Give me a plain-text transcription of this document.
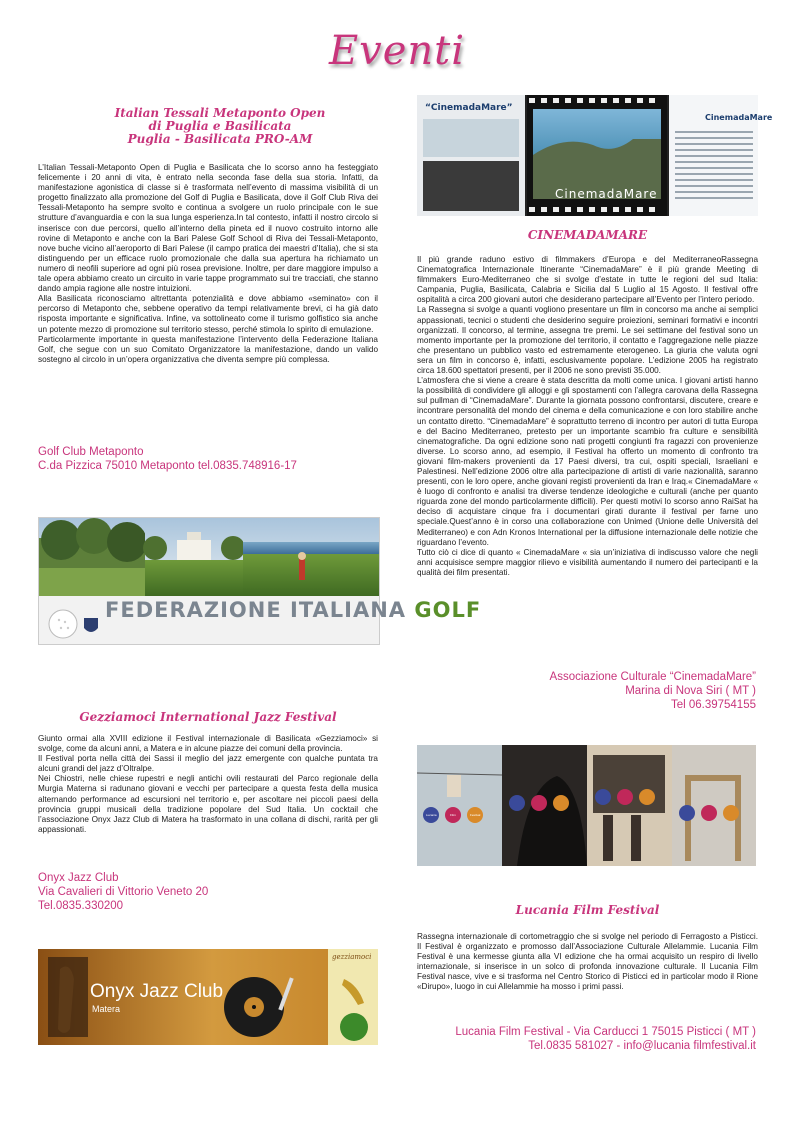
Eventi
Italian Tessali Metaponto Open
di Puglia e Basilicata
Puglia - Basilicata PRO-AM

L’Italian Tessali-Metaponto Open di Puglia e Basilicata che lo scorso anno ha festeggiato felicemente i 20 anni di vita, è entrato nella seconda fase della sua storia. Infatti, da manifestazione agonistica di classe si è trasformata nell’evento di massima visibilità di un progetto finalizzato alla promozione del Golf di Puglia e Basilicata, dove il Golf Club Riva dei Tessali-Metaponto ha sempre svolto e continua a svolgere un ruolo principale con le sue strutture d’avanguardia e con la sua lunga esperienza.In tal contesto, infatti il nostro circolo si inserisce con due percorsi, quello all’interno della pineta ed il nuovo costruito intorno alle rovine di Metaponto e anche con la Bari Palese Golf School di Riva dei Tessali-Metaponto, nove buche vicino all’aeroporto di Bari Palese (il campo pratica dei maestri d’Italia), che si sta distinguendo per un efficace ruolo promozionale che dalla sua apertura ha richiamato un numero di neofili superiore ad ogni più rosea previsione. Inoltre, per dare maggiore impulso a tale opera abbiamo creato un circuito in varie tappe programmato sui tre tracciati, che stanno dando ampia ragione alle nostre intuizioni.

Alla Basilicata riconosciamo altrettanta potenzialità e dove abbiamo «seminato» con il percorso di Metaponto che, sebbene operativo da tempi relativamente brevi, ci ha già dato risposta importante e significativa. Infine, va sottolineato come il turismo golfistico sia anche un potente mezzo di promozione sul territorio stesso, perché stimola lo spirito di emulazione.

Particolarmente importante in questa manifestazione l’intervento della Federazione Italiana Golf, che segue con un suo Comitato Organizzatore la manifestazione, dando un valido sostegno al circolo in un’opera organizzativa che diventa sempre più complessa.

Golf Club Metaponto
C.da Pizzica 75010 Metaponto tel.0835.748916-17
FEDERAZIONE ITALIANA GOLF
Gezziamoci International Jazz Festival

Giunto ormai alla XVIII edizione il Festival internazionale di Basilicata «Gezziamoci» si svolge, come da alcuni anni, a Matera e in alcune piazze dei comuni della provincia.

Il Festival porta nella città dei Sassi il meglio del jazz emergente con qualche puntata tra alcuni grandi del jazz d’Oltralpe.

Nei Chiostri, nelle chiese rupestri e negli antichi ovili restaurati del Parco regionale della Murgia Materna si radunano giovani e vecchi per partecipare a questa festa della musica alternando performance ad escursioni nel territorio e, per ascoltare nei piccoli paesi della provincia gruppi musicali della tradizione popolare del Sud Italia. Un cocktail che l’associazione Onyx Jazz Club di Matera ha trasformato in una collana di dischi, rarità per gli appassionati.

Onyx Jazz Club
Via Cavalieri di Vittorio Veneto 20
Tel.0835.330200
Onyx Jazz Club
Matera
gezziamoci
“CinemadaMare”
CinemadaMare
CinemadaMare
CINEMADAMARE

Il più grande raduno estivo di filmmakers d’Europa e del MediterraneoRassegna Cinematografica Internazionale Itinerante “CinemadaMare” è il più grande Meeting di filmmakers Euro-Mediterraneo che si svolge d’estate in tutte le regioni del sud Italia: Campania, Puglia, Basilicata, Calabria e Sicilia dal 5 Luglio al 15 Agosto. Il festival offre ospitalità a circa 200 giovani autori che desiderano partecipare all’Evento per l’intero periodo.

La Rassegna si svolge a quanti vogliono presentare un film in concorso ma anche ai semplici appassionati, tecnici o studenti che desiderino seguire proiezioni, seminari formativi e incontri organizzati. Il concorso, al termine, assegna tre premi. Le sei settimane del festival sono un momento importante per la promozione del territorio, il contatto e l’aggregazione nelle piazze che presentano un pubblico vasto ed estremamente eterogeneo. La giuria che valuta ogni sera un film in concorso è, infatti, esclusivamente popolare. L’edizione 2005 ha registrato circa 18.600 spettatori presenti, per il 2006 ne sono previsti 35.000.

L’atmosfera che si viene a creare è stata descritta da molti come unica. I giovani artisti hanno la possibilità di condividere gli alloggi e gli spostamenti con l’allegra carovana della Rassegna sul pullman di “CinemadaMare”. Durante la giornata possono confrontarsi, discutere, creare e incontrare personalità del mondo del cinema e della comunicazione e con loro stabilire anche un contatto diretto. “CinemadaMare” è soprattutto terreno di incontro per autori di tutta Europa e del Bacino Mediterraneo, pretesto per un importante scambio fra culture e sensibilità cinematografiche. Da ogni edizione sono nati progetti congiunti fra ragazzi con provenienze diverse. Lo scorso anno, ad esempio, il Festival ha offerto un momento di confronto tra giovani film-makers provenienti da 17 Paesi diversi, tra cui, ospiti speciali, Israeliani e Palestinesi. Nell’edizione 2006 oltre alla partecipazione di artisti di varie nazionalità, saranno presenti, con le loro opere, anche giovani registi provenienti da Iran e Iraq.« CinemadaMare « è luogo di confronto e analisi tra diverse tendenze ideologiche e culturali (anche per quanto riguarda zone del mondo particolarmente difficili). Per questi motivi lo scorso anno RaiSat ha deciso di acquistare cinque fra i documentari girati durante il festival per farne uno speciale.Quest’anno è in corso una collaborazione con Unimed (Unione delle Università del Mediterraneo) e con Adn Kronos International per la diffusione internazionale delle notizie che riguardano l’evento.

Tutto ciò ci dice di quanto « CinemadaMare « sia un’iniziativa di indiscusso valore che negli anni acquisisce sempre maggior rilievo e visibilità aumentando il numero dei partecipanti e la qualità dei film presentati.

Associazione Culturale “CinemadaMare”
Marina di Nova Siri ( MT )
Tel 06.39754155
Lucania	Film	Festival
Lucania Film Festival

Rassegna internazionale di cortometraggio che si svolge nel periodo di Ferragosto a Pisticci. Il Festival è organizzato e promosso dall’Associazione Culturale Allelammie. Lucania Film Festival è una kermesse giunta alla VI edizione che ha ormai acquisito un respiro di livello internazionale, si inserisce in un solco di profonda innovazione culturale. Il Lucania Film Festival nasce, vive e si trasforma nel Centro Storico di Pisticci ed in particolar modo il Rione «Dirupo», luogo in cui Allelammie ha mosso i primi passi.

Lucania Film Festival - Via Carducci 1 75015 Pisticci ( MT )
Tel.0835 581027 - info@lucania filmfestival.it
